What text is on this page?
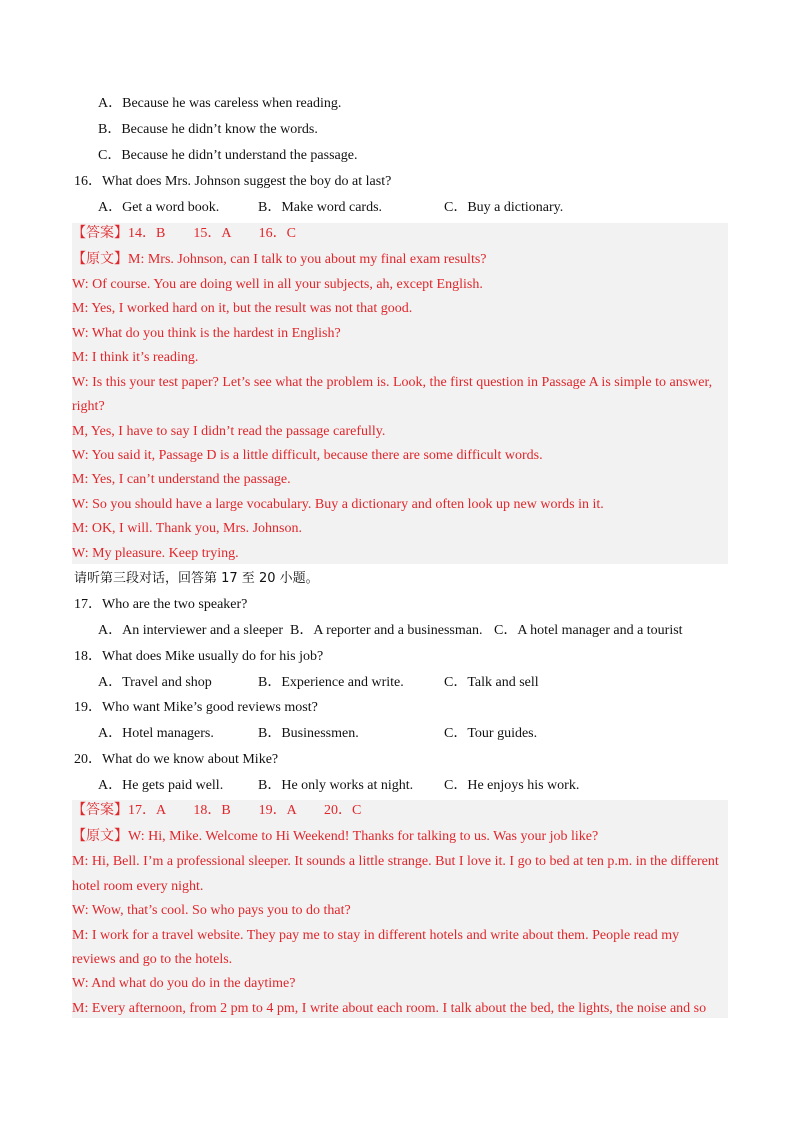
A．Because he was careless when reading.
B．Because he didn’t know the words.
C．Because he didn’t understand the passage.
16．What does Mrs. Johnson suggest the boy do at last?
A．Get a word book.	B．Make word cards.	C．Buy a dictionary.
【答案】14．B　　15．A　　16．C
【原文】M: Mrs. Johnson, can I talk to you about my final exam results?
W: Of course. You are doing well in all your subjects, ah, except English.
M: Yes, I worked hard on it, but the result was not that good.
W: What do you think is the hardest in English?
M: I think it’s reading.
W: Is this your test paper? Let’s see what the problem is. Look, the first question in Passage A is simple to answer,
right?
M, Yes, I have to say I didn’t read the passage carefully.
W: You said it, Passage D is a little difficult, because there are some difficult words.
M: Yes, I can’t understand the passage.
W: So you should have a large vocabulary. Buy a dictionary and often look up new words in it.
M: OK, I will. Thank you, Mrs. Johnson.
W: My pleasure. Keep trying.
请听第三段对话，回答第 17 至 20 小题。
17．Who are the two speaker?
A．An interviewer and a sleeper B．A reporter and a businessman. C．A hotel manager and a tourist
18．What does Mike usually do for his job?
A．Travel and shop	B．Experience and write.	C．Talk and sell
19．Who want Mike’s good reviews most?
A．Hotel managers.	B．Businessmen.	C．Tour guides.
20．What do we know about Mike?
A．He gets paid well. B．He only works at night. C．He enjoys his work.
【答案】17．A　　18．B　　19．A　　20．C
【原文】W: Hi, Mike. Welcome to Hi Weekend! Thanks for talking to us. Was your job like?
M: Hi, Bell. I’m a professional sleeper. It sounds a little strange. But I love it. I go to bed at ten p.m. in the different
hotel room every night.
W: Wow, that’s cool. So who pays you to do that?
M: I work for a travel website. They pay me to stay in different hotels and write about them. People read my
reviews and go to the hotels.
W: And what do you do in the daytime?
M: Every afternoon, from 2 pm to 4 pm, I write about each room. I talk about the bed, the lights, the noise and so
